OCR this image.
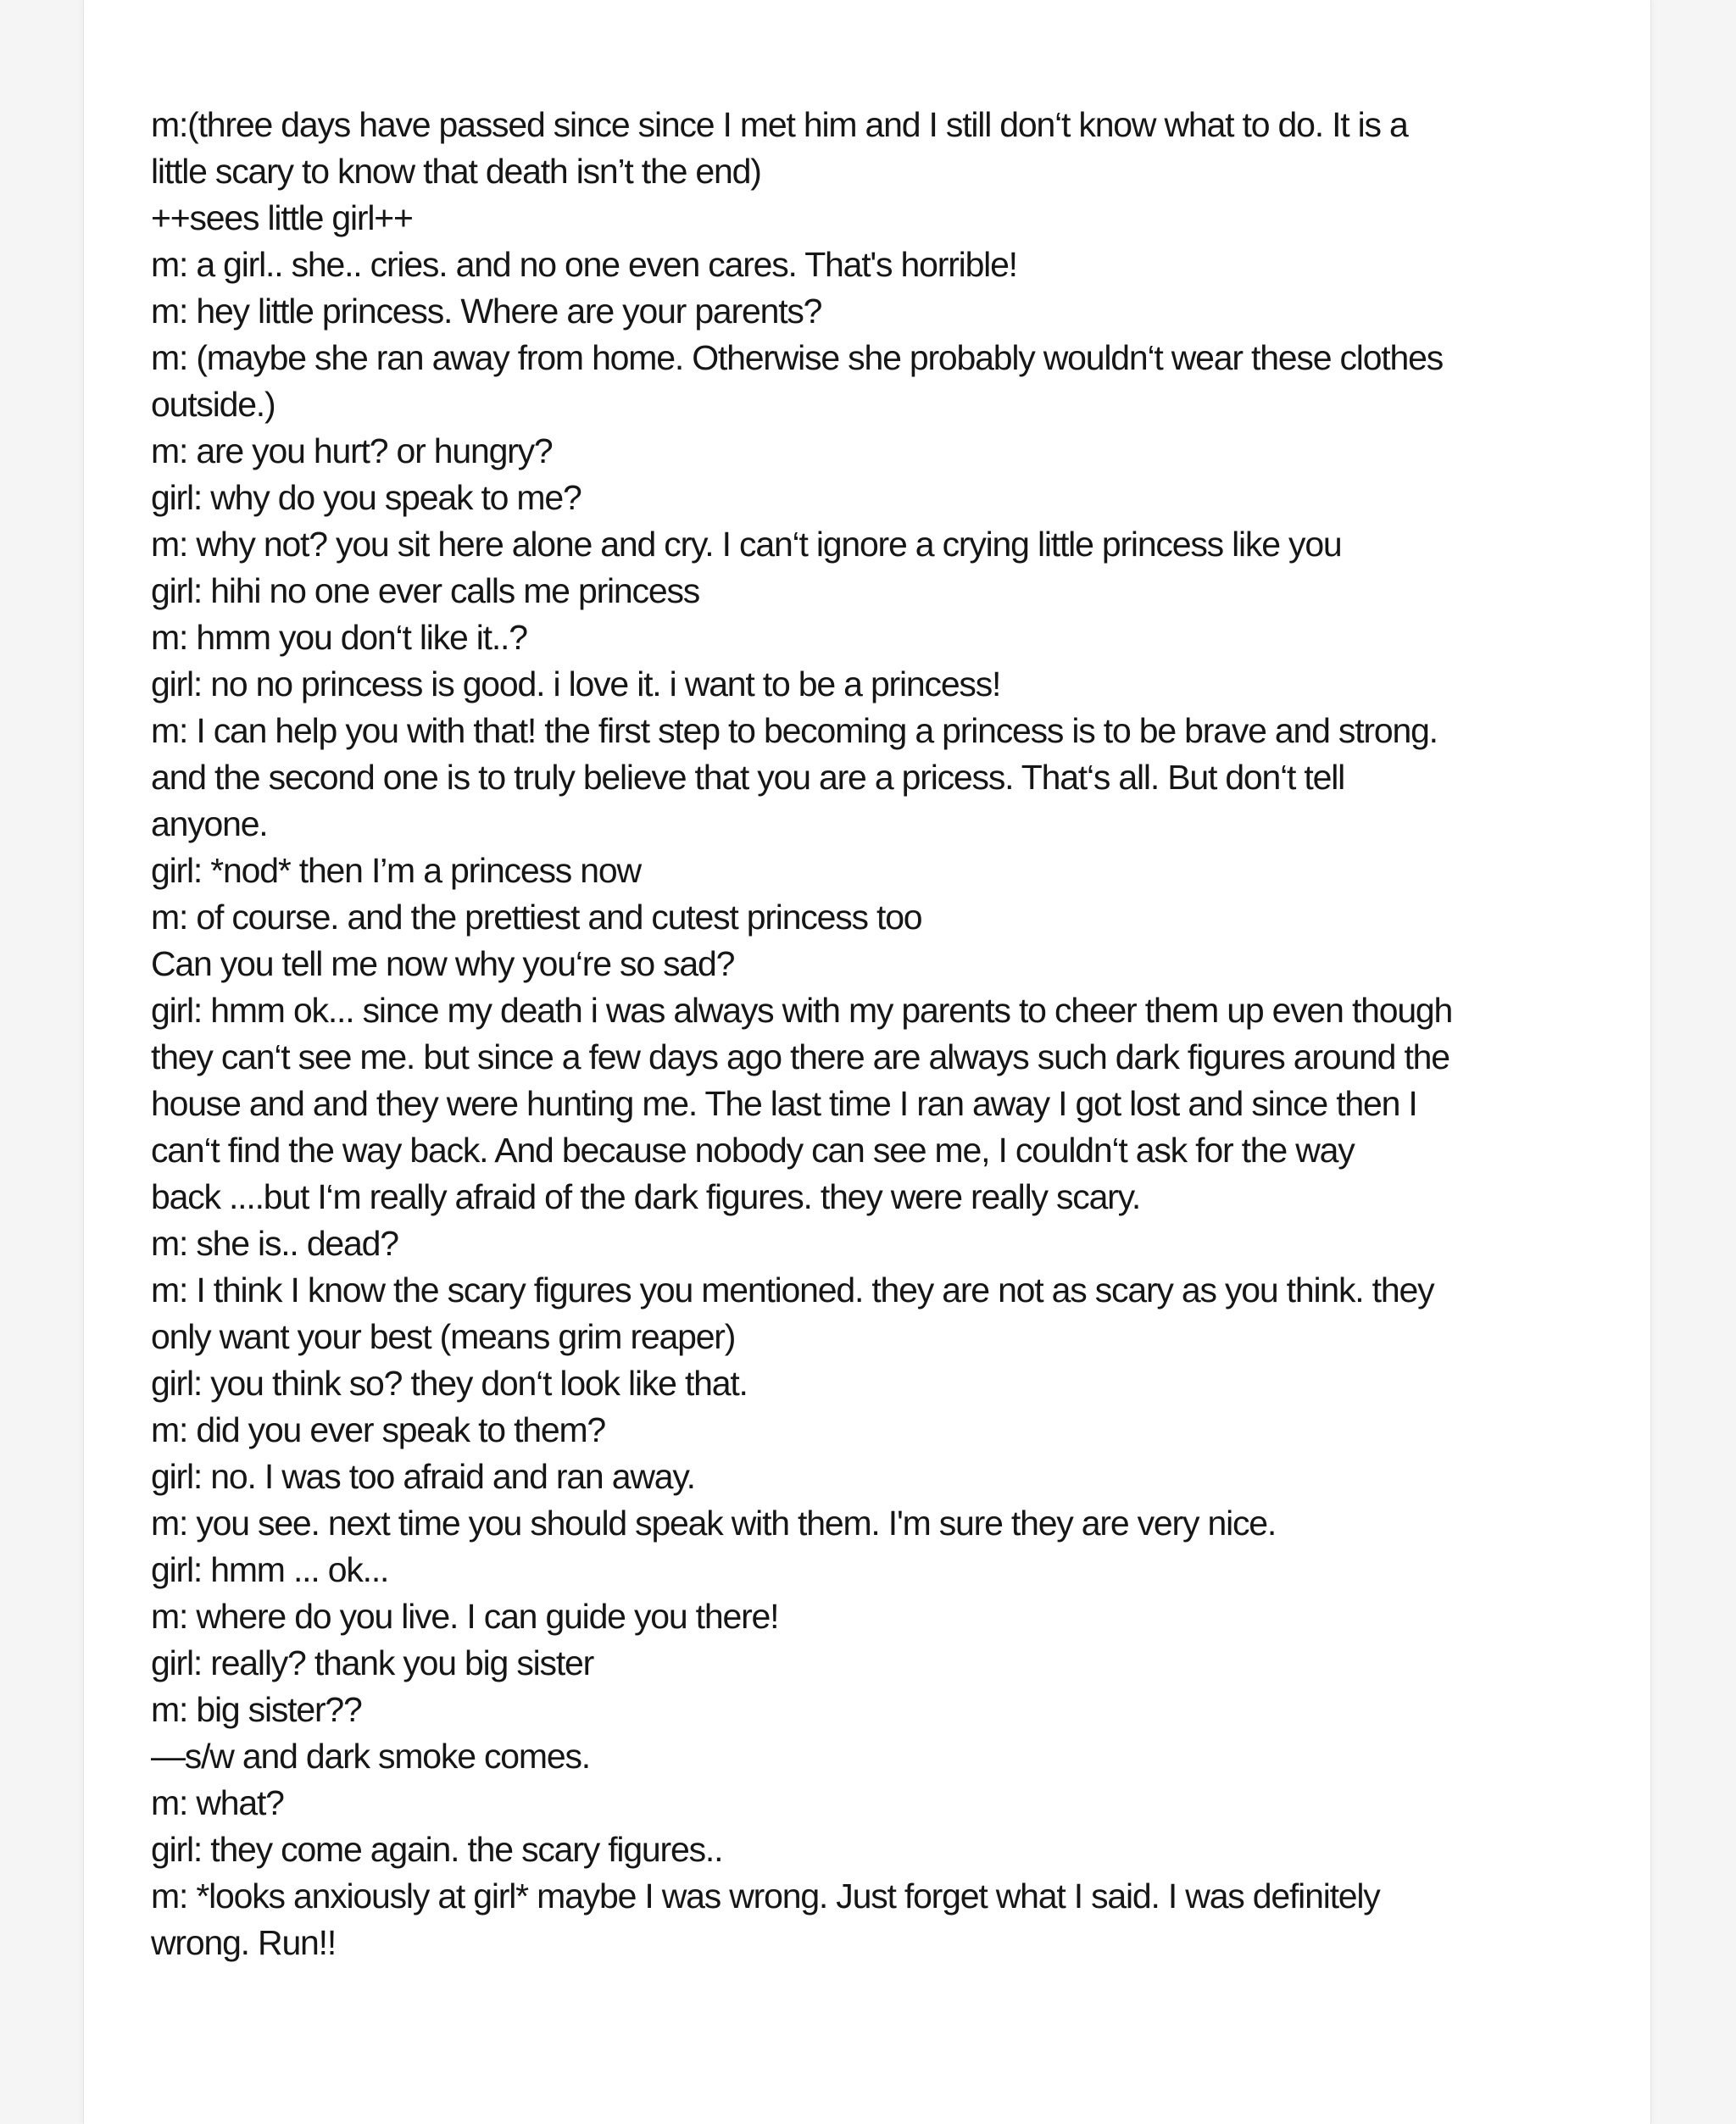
m:(three days have passed since since I met him and I still don‘t know what to do. It is a
little scary to know that death isn’t the end)
++sees little girl++
m: a girl.. she.. cries. and no one even cares. That's horrible!
m: hey little princess. Where are your parents?
m: (maybe she ran away from home. Otherwise she probably wouldn‘t wear these clothes
outside.)
m: are you hurt? or hungry?
girl: why do you speak to me?
m: why not? you sit here alone and cry. I can‘t ignore a crying little princess like you
girl: hihi no one ever calls me princess
m: hmm you don‘t like it..?
girl: no no princess is good. i love it. i want to be a princess!
m: I can help you with that! the first step to becoming a princess is to be brave and strong.
and the second one is to truly believe that you are a pricess. That‘s all. But don‘t tell
anyone.
girl: *nod* then I’m a princess now
m: of course. and the prettiest and cutest princess too
Can you tell me now why you‘re so sad?
girl: hmm ok... since my death i was always with my parents to cheer them up even though
they can‘t see me. but since a few days ago there are always such dark figures around the
house and and they were hunting me. The last time I ran away I got lost and since then I
can‘t find the way back. And because nobody can see me, I couldn‘t ask for the way
back ....but I‘m really afraid of the dark figures. they were really scary.
m: she is.. dead?
m: I think I know the scary figures you mentioned. they are not as scary as you think. they
only want your best (means grim reaper)
girl: you think so? they don‘t look like that.
m: did you ever speak to them?
girl: no. I was too afraid and ran away.
m: you see. next time you should speak with them. I'm sure they are very nice.
girl: hmm ... ok...
m: where do you live. I can guide you there!
girl: really? thank you big sister
m: big sister??
—s/w and dark smoke comes.
m: what?
girl: they come again. the scary figures..
m: *looks anxiously at girl* maybe I was wrong. Just forget what I said. I was definitely
wrong. Run!!
